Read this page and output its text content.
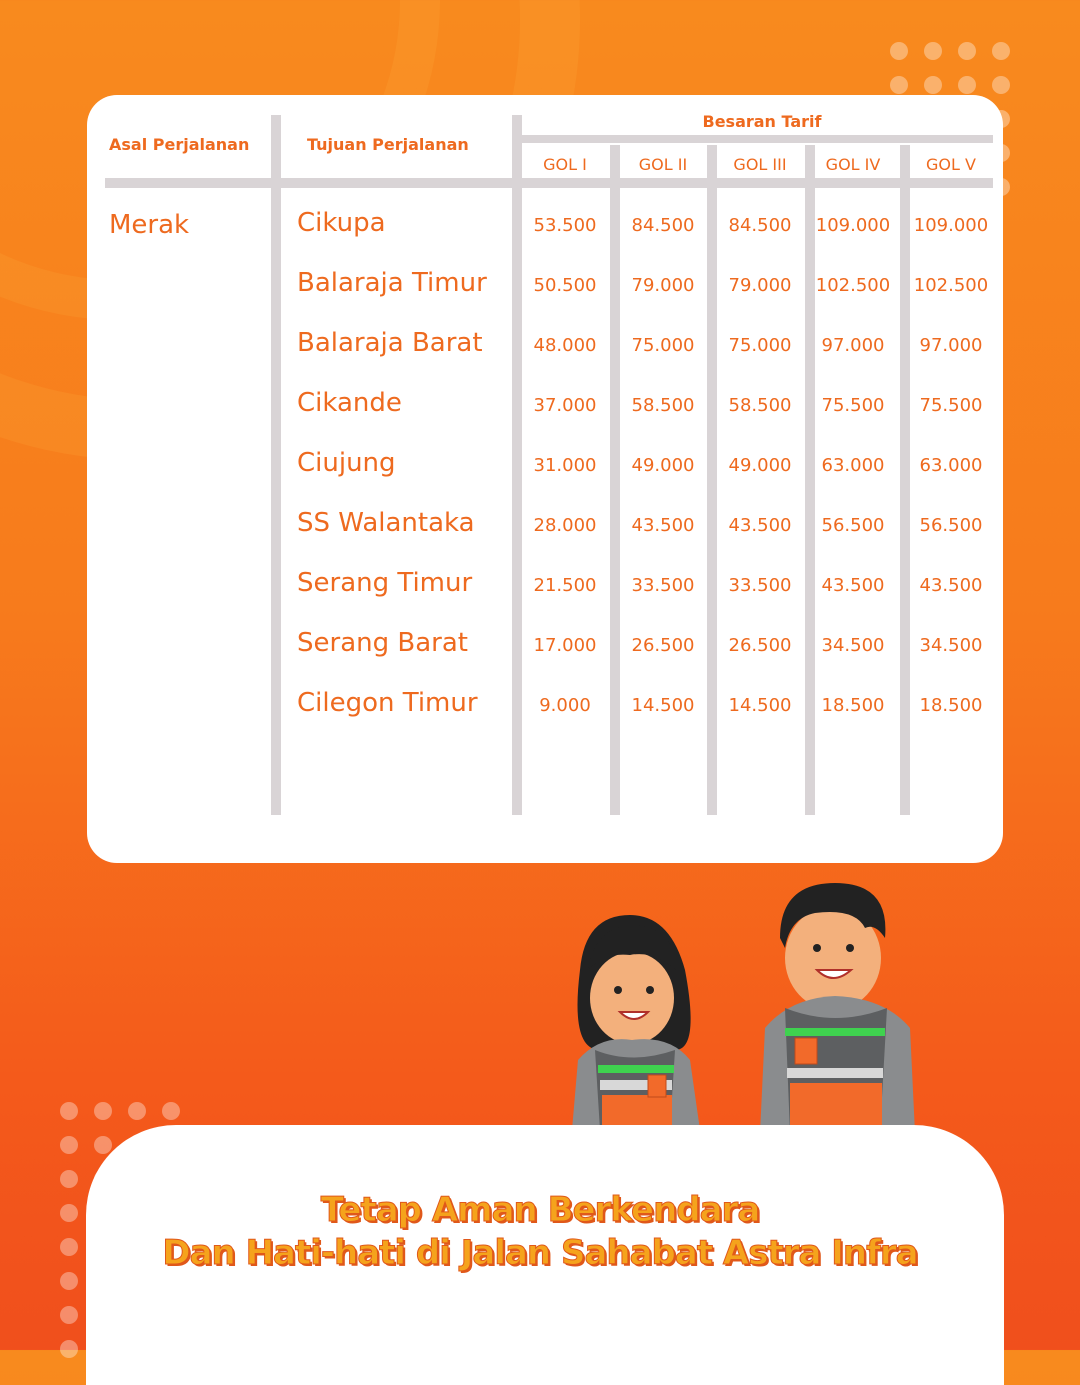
Asal Perjalanan	Tujuan Perjalanan
Besaran Tarif
GOL I	GOL II	GOL III	GOL IV	GOL V
Merak	Cikupa	53.500	84.500	84.500	109.000	109.000
Balaraja Timur	50.500	79.000	79.000	102.500	102.500
Balaraja Barat	48.000	75.000	75.000	97.000	97.000
Cikande	37.000	58.500	58.500	75.500	75.500
Ciujung	31.000	49.000	49.000	63.000	63.000
SS Walantaka	28.000	43.500	43.500	56.500	56.500
Serang Timur	21.500	33.500	33.500	43.500	43.500
Serang Barat	17.000	26.500	26.500	34.500	34.500
Cilegon Timur	9.000	14.500	14.500	18.500	18.500
Tetap Aman Berkendara
Dan Hati-hati di Jalan Sahabat Astra Infra
